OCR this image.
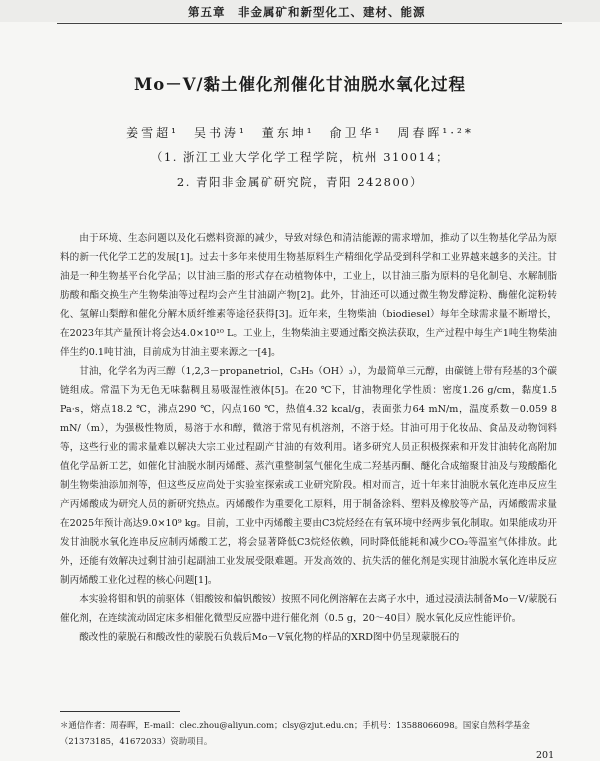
第五章　非金属矿和新型化工、建材、能源
Mo－V/黏土催化剂催化甘油脱水氧化过程
姜雪超¹　吴书涛¹　董东坤¹　俞卫华¹　周春晖¹·²*
（1. 浙江工业大学化学工程学院，杭州 310014；
2. 青阳非金属矿研究院，青阳 242800）

由于环境、生态问题以及化石燃料资源的减少，导致对绿色和清洁能源的需求增加，推动了以生物基化学品为原料的新一代化学工艺的发展[1]。过去十多年来使用生物基原料生产精细化学品受到科学和工业界越来越多的关注。甘油是一种生物基平台化学品；以甘油三脂的形式存在动植物体中，工业上，以甘油三脂为原料的皂化制皂、水解制脂肪酸和酯交换生产生物柴油等过程均会产生甘油副产物[2]。此外，甘油还可以通过微生物发酵淀粉、酶催化淀粉转化、氢解山梨醇和催化分解木质纤维素等途径获得[3]。近年来，生物柴油（biodiesel）每年全球需求量不断增长，在2023年其产量预计将会达4.0×10¹⁰ L。工业上，生物柴油主要通过酯交换法获取，生产过程中每生产1吨生物柴油伴生约0.1吨甘油，目前成为甘油主要来源之一[4]。

甘油，化学名为丙三醇（1,2,3－propanetriol，C₃H₅（OH）₃），为最简单三元醇，由碳链上带有羟基的3个碳链组成。常温下为无色无味黏稠且易吸湿性液体[5]。在20 ℃下，甘油物理化学性质：密度1.26 g/cm，黏度1.5 Pa·s，熔点18.2 ℃，沸点290 ℃，闪点160 ℃，热值4.32 kcal/g，表面张力64 mN/m，温度系数－0.059 8 mN/（m），为强极性物质，易溶于水和醇，微溶于常见有机溶剂，不溶于烃。甘油可用于化妆品、食品及动物饲料等，这些行业的需求量难以解决大宗工业过程副产甘油的有效利用。诸多研究人员正积极探索和开发甘油转化高附加值化学品新工艺，如催化甘油脱水制丙烯醛、蒸汽重整制氢气催化生成二羟基丙酮、醚化合成缩聚甘油及与羧酸酯化制生物柴油添加剂等，但这些反应尚处于实验室探索或工业研究阶段。相对而言，近十年来甘油脱水氧化连串反应生产丙烯酸成为研究人员的新研究热点。丙烯酸作为重要化工原料，用于制备涂料、塑料及橡胶等产品，丙烯酸需求量在2025年预计高达9.0×10⁹ kg。目前，工业中丙烯酸主要由C3烷烃经在有氧环境中经两步氧化制取。如果能成功开发甘油脱水氧化连串反应制丙烯酸工艺，将会显著降低C3烷烃依赖，同时降低能耗和减少CO₂等温室气体排放。此外，还能有效解决过剩甘油引起副油工业发展受限难题。开发高效的、抗失活的催化剂是实现甘油脱水氧化连串反应制丙烯酸工业化过程的核心问题[1]。

本实验将钼和钒的前驱体（钼酸铵和偏钒酸铵）按照不同化例溶解在去离子水中，通过浸渍法制备Mo－V/蒙脱石催化剂，在连续流动固定床多相催化微型反应器中进行催化剂（0.5 g，20～40目）脱水氧化反应性能评价。

酸改性的蒙脱石和酸改性的蒙脱石负载后Mo－V氧化物的样品的XRD图中仍呈现蒙脱石的

＊通信作者：周春晖，E-mail：clec.zhou@aliyun.com；clsy@zjut.edu.cn；手机号：13588066098。国家自然科学基金（21373185，41672033）资助项目。
201
